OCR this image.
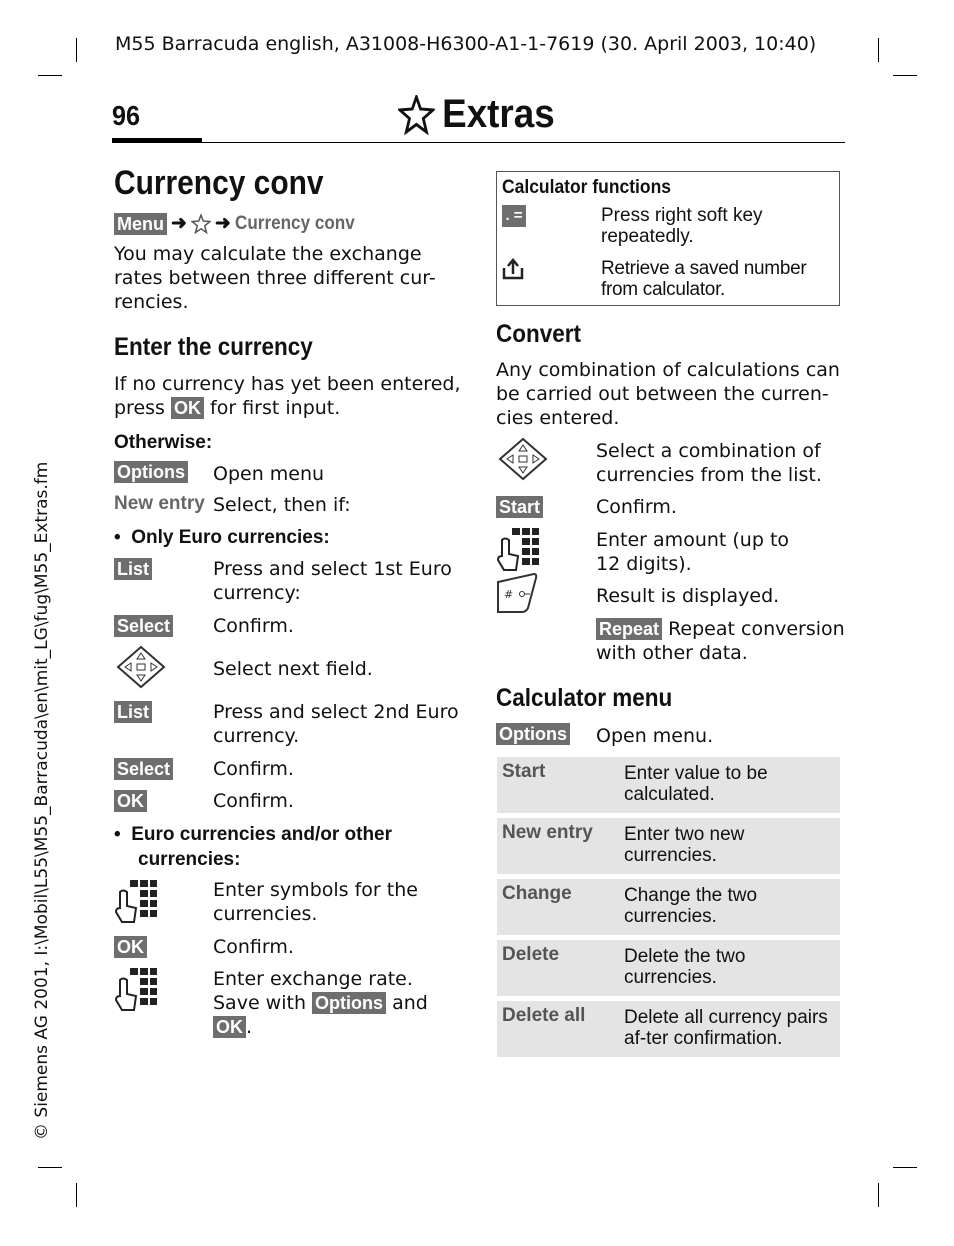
M55 Barracuda english, A31008-H6300-A1-1-7619 (30. April 2003, 10:40)
96	Extras
© Siemens AG 2001, I:\Mobil\L55\M55_Barracuda\en\mit_LG\fug\M55_Extras.fm
Currency conv
Menu ➜ ➜ Currency conv
You may calculate the exchange rates between three different cur-rencies.
Enter the currency
If no currency has yet been entered, press OK for first input.
Otherwise:
Options Open menu
New entry Select, then if:
•  Only Euro currencies:
List	Press and select 1st Euro currency:
Select Confirm.
Select next field.
List	Press and select 2nd Euro currency.
Select Confirm.
OK	Confirm.
•  Euro currencies and/or other currencies:
Enter symbols for the currencies.
OK	Confirm.
Enter exchange rate. Save with Options and OK .
Calculator functions
. =	Press right soft key repeatedly.
Retrieve a saved number from calculator.
Convert
Any combination of calculations can be carried out between the curren-cies entered.
Select a combination of currencies from the list.
Start	Confirm.
Enter amount (up to 12 digits).
#	Result is displayed.
Repeat Repeat conversion with other data.
Calculator menu
Options Open menu.
Start	Enter value to be calculated.
New entry	Enter two new currencies.
Change	Change the two currencies.
Delete	Delete the two currencies.
Delete all	Delete all currency pairs af-ter confirmation.
